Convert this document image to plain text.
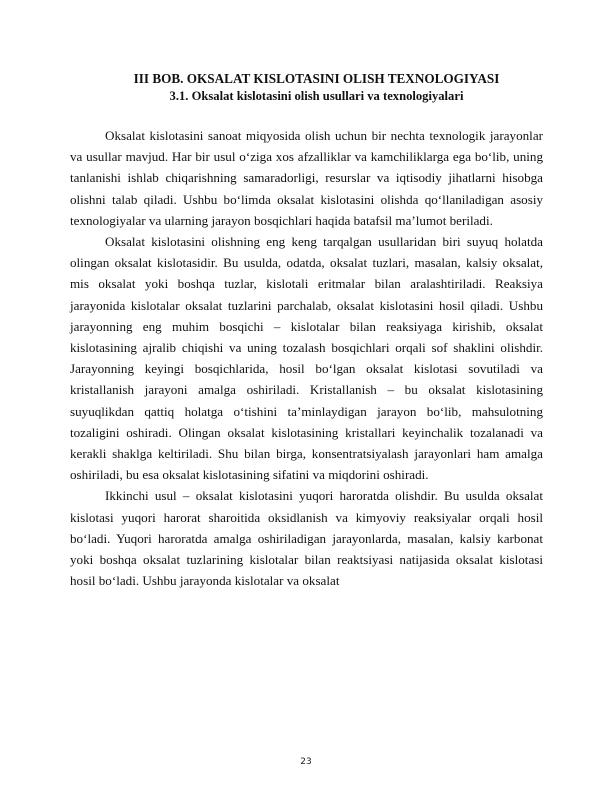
III BOB. OKSALAT KISLOTASINI OLISH TEXNOLOGIYASI
3.1. Oksalat kislotasini olish usullari va texnologiyalari

Oksalat kislotasini sanoat miqyosida olish uchun bir nechta texnologik jarayonlar va usullar mavjud. Har bir usul o‘ziga xos afzalliklar va kamchiliklarga ega bo‘lib, uning tanlanishi ishlab chiqarishning samaradorligi, resurslar va iqtisodiy jihatlarni hisobga olishni talab qiladi. Ushbu bo‘limda oksalat kislotasini olishda qo‘llaniladigan asosiy texnologiyalar va ularning jarayon bosqichlari haqida batafsil ma’lumot beriladi.

Oksalat kislotasini olishning eng keng tarqalgan usullaridan biri suyuq holatda olingan oksalat kislotasidir. Bu usulda, odatda, oksalat tuzlari, masalan, kalsiy oksalat, mis oksalat yoki boshqa tuzlar, kislotali eritmalar bilan aralashtiriladi. Reaksiya jarayonida kislotalar oksalat tuzlarini parchalab, oksalat kislotasini hosil qiladi. Ushbu jarayonning eng muhim bosqichi – kislotalar bilan reaksiyaga kirishib, oksalat kislotasining ajralib chiqishi va uning tozalash bosqichlari orqali sof shaklini olishdir. Jarayonning keyingi bosqichlarida, hosil bo‘lgan oksalat kislotasi sovutiladi va kristallanish jarayoni amalga oshiriladi. Kristallanish – bu oksalat kislotasining suyuqlikdan qattiq holatga o‘tishini ta’minlaydigan jarayon bo‘lib, mahsulotning tozaligini oshiradi. Olingan oksalat kislotasining kristallari keyinchalik tozalanadi va kerakli shaklga keltiriladi. Shu bilan birga, konsentratsiyalash jarayonlari ham amalga oshiriladi, bu esa oksalat kislotasining sifatini va miqdorini oshiradi.

Ikkinchi usul – oksalat kislotasini yuqori haroratda olishdir. Bu usulda oksalat kislotasi yuqori harorat sharoitida oksidlanish va kimyoviy reaksiyalar orqali hosil bo‘ladi. Yuqori haroratda amalga oshiriladigan jarayonlarda, masalan, kalsiy karbonat yoki boshqa oksalat tuzlarining kislotalar bilan reaktsiyasi natijasida oksalat kislotasi hosil bo‘ladi. Ushbu jarayonda kislotalar va oksalat

23
